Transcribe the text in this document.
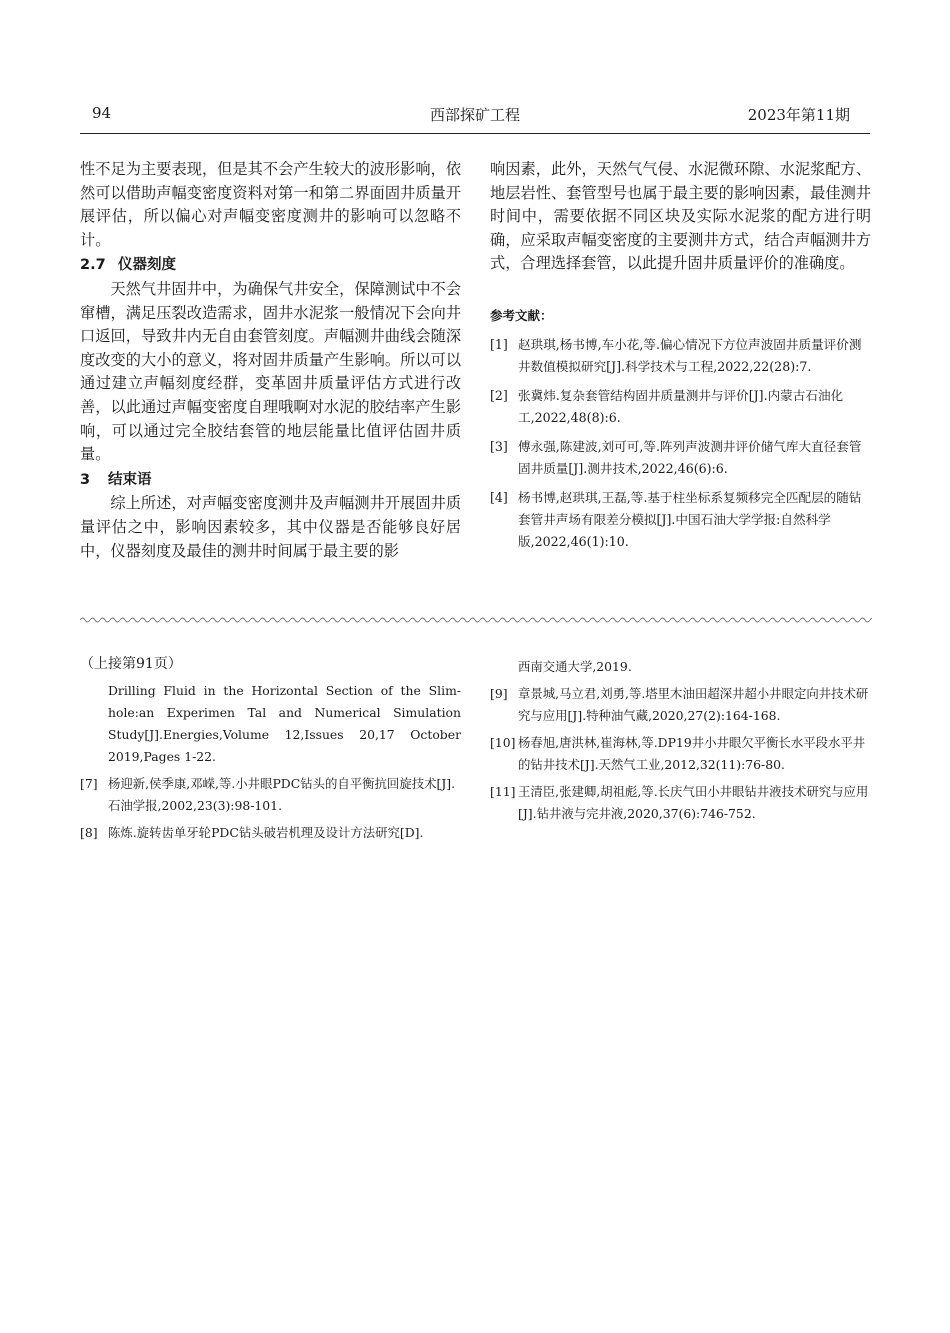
94	西部探矿工程	2023年第11期

性不足为主要表现，但是其不会产生较大的波形影响，依然可以借助声幅变密度资料对第一和第二界面固井质量开展评估，所以偏心对声幅变密度测井的影响可以忽略不计。

2.7 仪器刻度

天然气井固井中，为确保气井安全，保障测试中不会窜槽，满足压裂改造需求，固井水泥浆一般情况下会向井口返回，导致井内无自由套管刻度。声幅测井曲线会随深度改变的大小的意义，将对固井质量产生影响。所以可以通过建立声幅刻度经群，变革固井质量评估方式进行改善，以此通过声幅变密度自理哦啊对水泥的胶结率产生影响，可以通过完全胶结套管的地层能量比值评估固井质量。

3 结束语

综上所述，对声幅变密度测井及声幅测井开展固井质量评估之中，影响因素较多，其中仪器是否能够良好居中，仪器刻度及最佳的测井时间属于最主要的影

响因素，此外，天然气气侵、水泥微环隙、水泥浆配方、地层岩性、套管型号也属于最主要的影响因素，最佳测井时间中，需要依据不同区块及实际水泥浆的配方进行明确，应采取声幅变密度的主要测井方式，结合声幅测井方式，合理选择套管，以此提升固井质量评价的准确度。

参考文献：

[1] 赵珙琪,杨书博,车小花,等.偏心情况下方位声波固井质量评价测井数值模拟研究[J].科学技术与工程,2022,22(28):7.

[2] 张冀炜.复杂套管结构固井质量测井与评价[J].内蒙古石油化工,2022,48(8):6.

[3] 傅永强,陈建波,刘可可,等.阵列声波测井评价储气库大直径套管固井质量[J].测井技术,2022,46(6):6.

[4] 杨书博,赵珙琪,王磊,等.基于柱坐标系复频移完全匹配层的随钻套管井声场有限差分模拟[J].中国石油大学学报:自然科学版,2022,46(1):10.

（上接第91页）

Drilling Fluid in the Horizontal Section of the Slim-hole:an Experimen Tal and Numerical Simulation Study[J].Energies,Volume 12,Issues 20,17 October 2019,Pages 1-22.

[7] 杨迎新,侯季康,邓嵘,等.小井眼PDC钻头的自平衡抗回旋技术[J].石油学报,2002,23(3):98-101.

[8] 陈炼.旋转齿单牙轮PDC钻头破岩机理及设计方法研究[D].

西南交通大学,2019.

[9] 章景城,马立君,刘勇,等.塔里木油田超深井超小井眼定向井技术研究与应用[J].特种油气藏,2020,27(2):164-168.

[10] 杨春旭,唐洪林,崔海林,等.DP19井小井眼欠平衡长水平段水平井的钻井技术[J].天然气工业,2012,32(11):76-80.

[11] 王清臣,张建卿,胡祖彪,等.长庆气田小井眼钻井液技术研究与应用[J].钻井液与完井液,2020,37(6):746-752.
